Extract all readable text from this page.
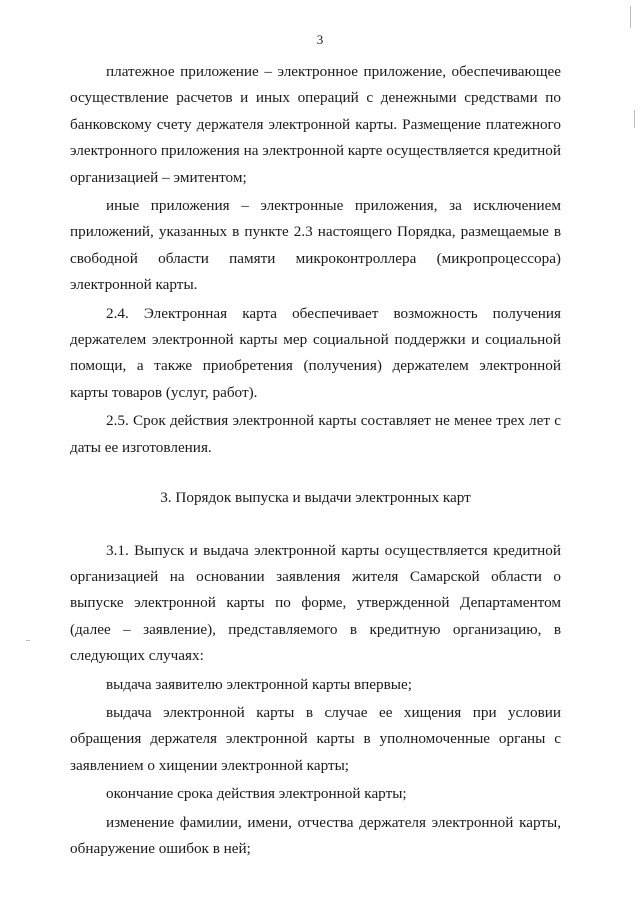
3

платежное приложение – электронное приложение, обеспечивающее осуществление расчетов и иных операций с денежными средствами по банковскому счету держателя электронной карты. Размещение платежного электронного приложения на электронной карте осуществляется кредитной организацией – эмитентом;

иные приложения – электронные приложения, за исключением приложений, указанных в пункте 2.3 настоящего Порядка, размещаемые в свободной области памяти микроконтроллера (микропроцессора) электронной карты.

2.4. Электронная карта обеспечивает возможность получения держателем электронной карты мер социальной поддержки и социальной помощи, а также приобретения (получения) держателем электронной карты товаров (услуг, работ).

2.5. Срок действия электронной карты составляет не менее трех лет с даты ее изготовления.

3. Порядок выпуска и выдачи электронных карт

3.1. Выпуск и выдача электронной карты осуществляется кредитной организацией на основании заявления жителя Самарской области о выпуске электронной карты по форме, утвержденной Департаментом (далее – заявление), представляемого в кредитную организацию, в следующих случаях:

выдача заявителю электронной карты впервые;

выдача электронной карты в случае ее хищения при условии обращения держателя электронной карты в уполномоченные органы с заявлением о хищении электронной карты;

окончание срока действия электронной карты;

изменение фамилии, имени, отчества держателя электронной карты, обнаружение ошибок в ней;
